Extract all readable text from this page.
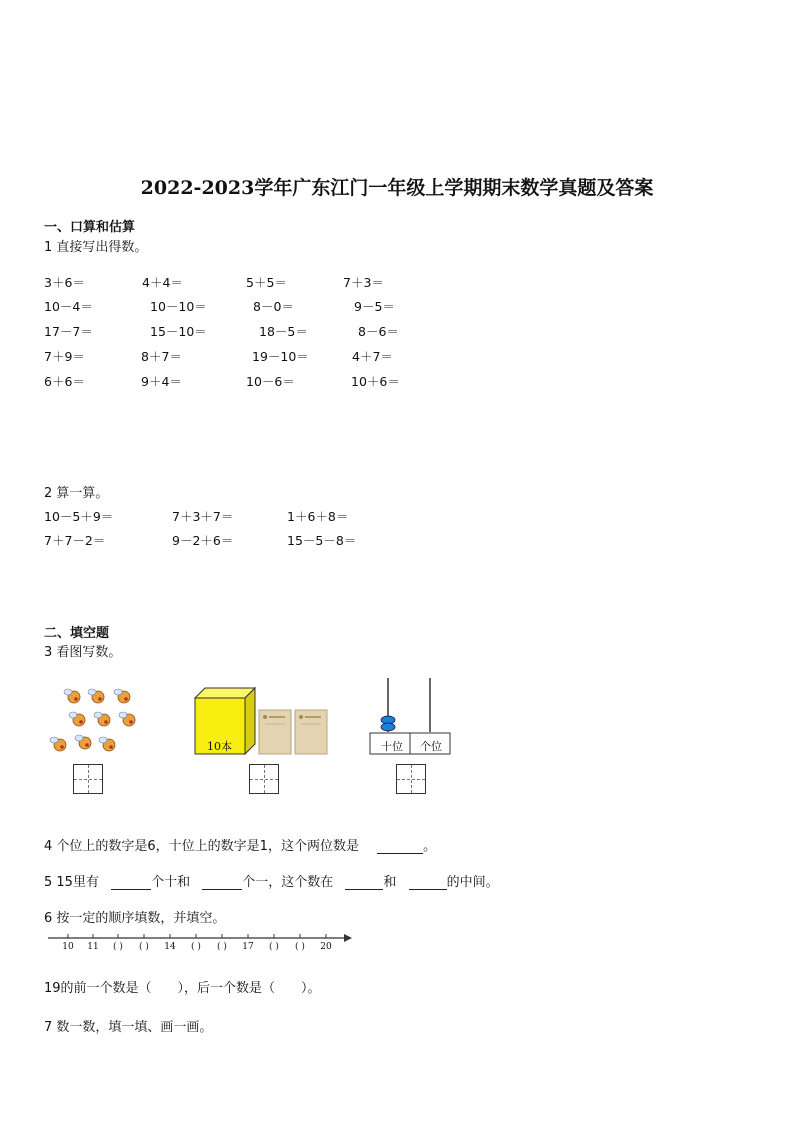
2022-2023学年广东江门一年级上学期期末数学真题及答案
一、口算和估算
1 直接写出得数。
3＋6＝	4＋4＝	5＋5＝	7＋3＝
10－4＝	10－10＝	8－0＝	9－5＝
17－7＝	15－10＝	18－5＝	8－6＝
7＋9＝	8＋7＝	19－10＝	4＋7＝
6＋6＝	9＋4＝	10－6＝	10＋6＝
2 算一算。
10－5＋9＝	7＋3＋7＝	1＋6＋8＝
7＋7－2＝	9－2＋6＝	15－5－8＝
二、填空题
3 看图写数。
10本	十位	个位
4 个位上的数字是6，十位上的数字是1，这个两位数是	。
5 15里有	个十和	个一，这个数在	和	的中间。
6 按一定的顺序填数，并填空。
10	11	( )	( )	14	( )	( )	17	( )	( )	20
19的前一个数是（　　），后一个数是（　　）。
7 数一数，填一填、画一画。
